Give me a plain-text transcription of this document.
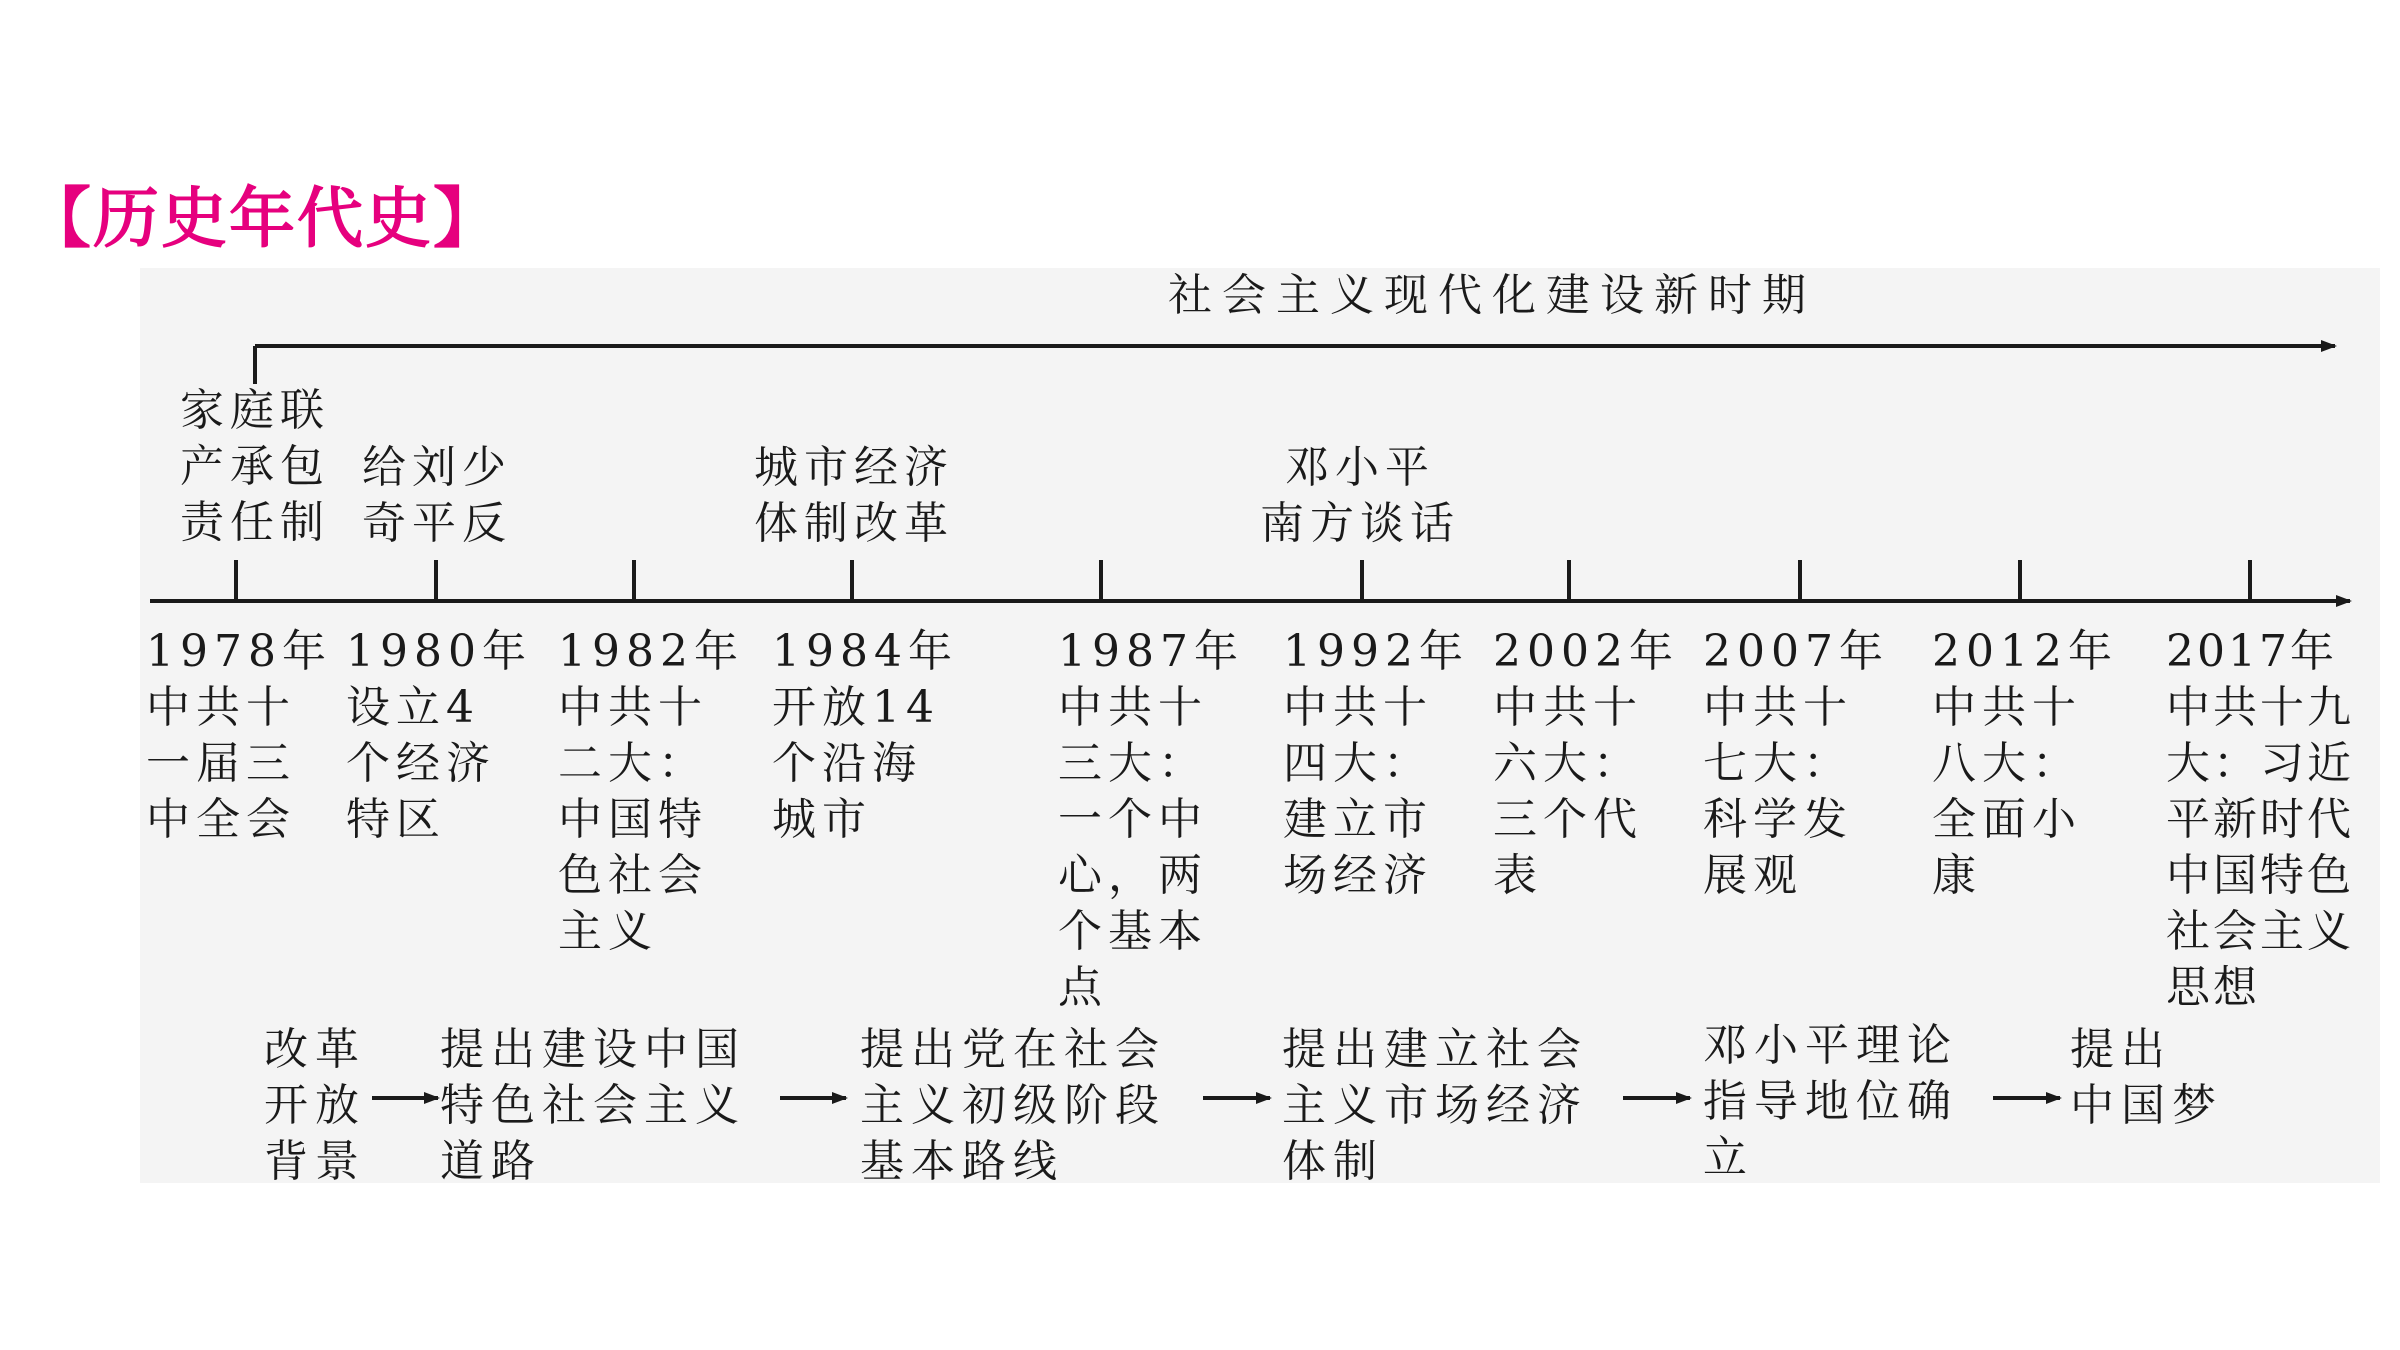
【历史年代史】
社会主义现代化建设新时期
家庭联
产承包
责任制
给刘少
奇平反
城市经济
体制改革
邓小平
南方谈话
1978年
中共十
一届三
中全会
1980年
设立4
个经济
特区
1982年
中共十
二大：
中国特
色社会
主义
1984年
开放14
个沿海
城市
1987年
中共十
三大：
一个中
心，两
个基本
点
1992年
中共十
四大：
建立市
场经济
2002年
中共十
六大：
三个代
表
2007年
中共十
七大：
科学发
展观
2012年
中共十
八大：
全面小
康
2017年
中共十九
大：习近
平新时代
中国特色
社会主义
思想
改革
开放
背景
提出建设中国
特色社会主义
道路
提出党在社会
主义初级阶段
基本路线
提出建立社会
主义市场经济
体制
邓小平理论
指导地位确
立
提出
中国梦
